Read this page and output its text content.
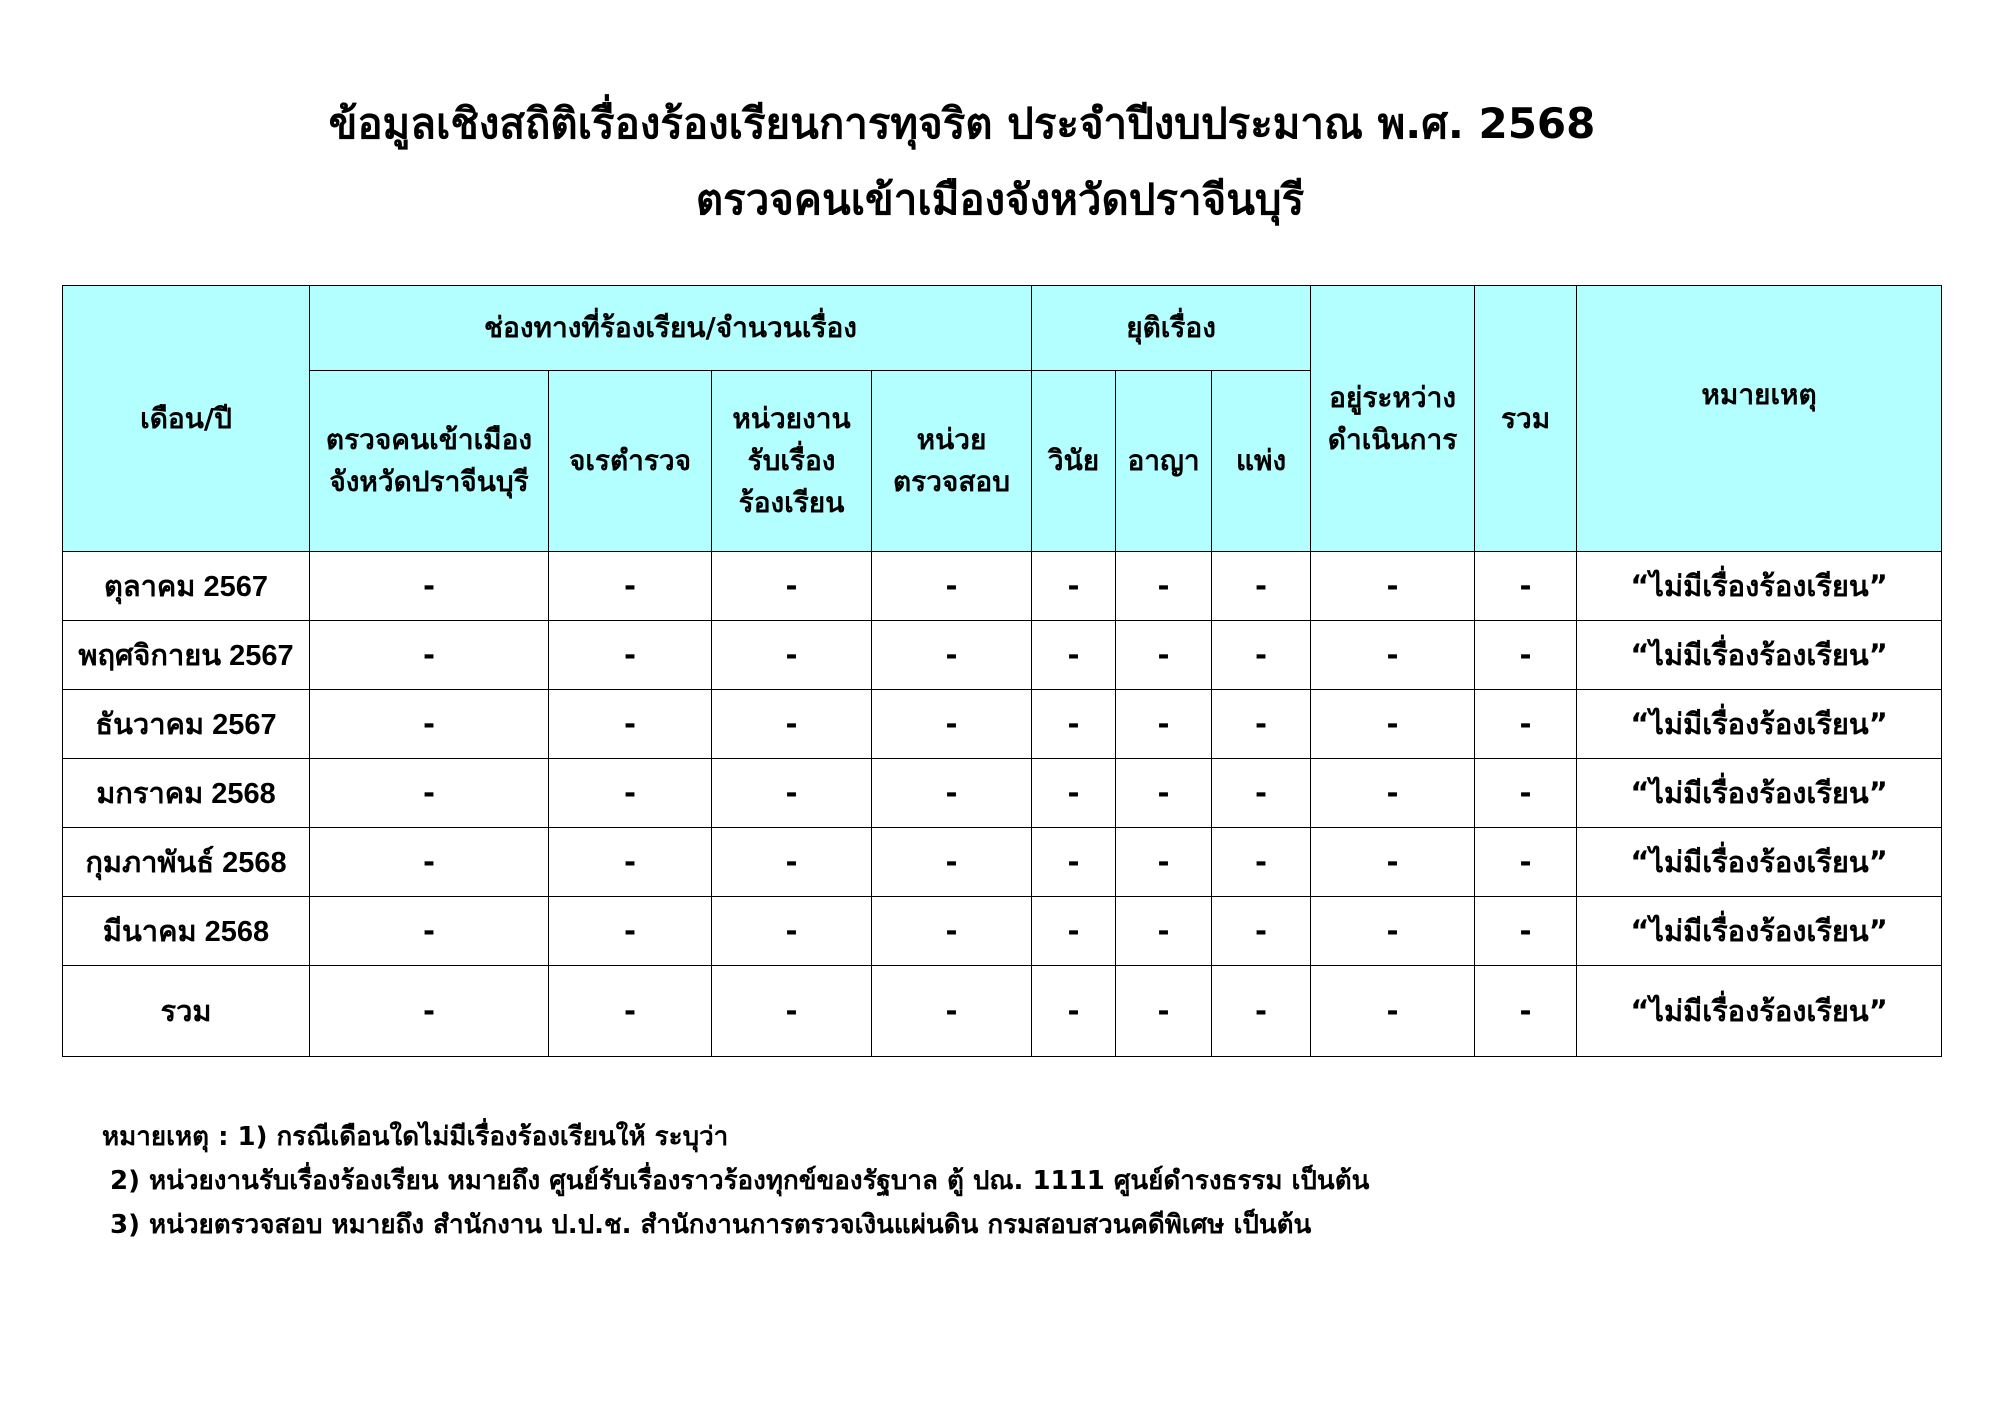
ข้อมูลเชิงสถิติเรื่องร้องเรียนการทุจริต ประจำปีงบประมาณ พ.ศ. 2568
ตรวจคนเข้าเมืองจังหวัดปราจีนบุรี
เดือน/ปี	ช่องทางที่ร้องเรียน/จำนวนเรื่อง				ยุติเรื่อง			อยู่ระหว่างดำเนินการ	รวม	หมายเหตุ

	ตรวจคนเข้าเมืองจังหวัดปราจีนบุรี	จเรตำรวจ	หน่วยงานรับเรื่องร้องเรียน	หน่วยตรวจสอบ	วินัย	อาญา	แพ่ง			
ตุลาคม 2567	-	-	-	-	-	-	-	-	-	“ไม่มีเรื่องร้องเรียน”
พฤศจิกายน 2567	-	-	-	-	-	-	-	-	-	“ไม่มีเรื่องร้องเรียน”
ธันวาคม 2567	-	-	-	-	-	-	-	-	-	“ไม่มีเรื่องร้องเรียน”
มกราคม 2568	-	-	-	-	-	-	-	-	-	“ไม่มีเรื่องร้องเรียน”
กุมภาพันธ์ 2568	-	-	-	-	-	-	-	-	-	“ไม่มีเรื่องร้องเรียน”
มีนาคม 2568	-	-	-	-	-	-	-	-	-	“ไม่มีเรื่องร้องเรียน”
รวม	-	-	-	-	-	-	-	-	-	“ไม่มีเรื่องร้องเรียน”
หมายเหตุ : 1) กรณีเดือนใดไม่มีเรื่องร้องเรียนให้ ระบุว่า
2) หน่วยงานรับเรื่องร้องเรียน หมายถึง ศูนย์รับเรื่องราวร้องทุกข์ของรัฐบาล ตู้ ปณ. 1111 ศูนย์ดำรงธรรม เป็นต้น
3) หน่วยตรวจสอบ หมายถึง สำนักงาน ป.ป.ช. สำนักงานการตรวจเงินแผ่นดิน กรมสอบสวนคดีพิเศษ เป็นต้น
